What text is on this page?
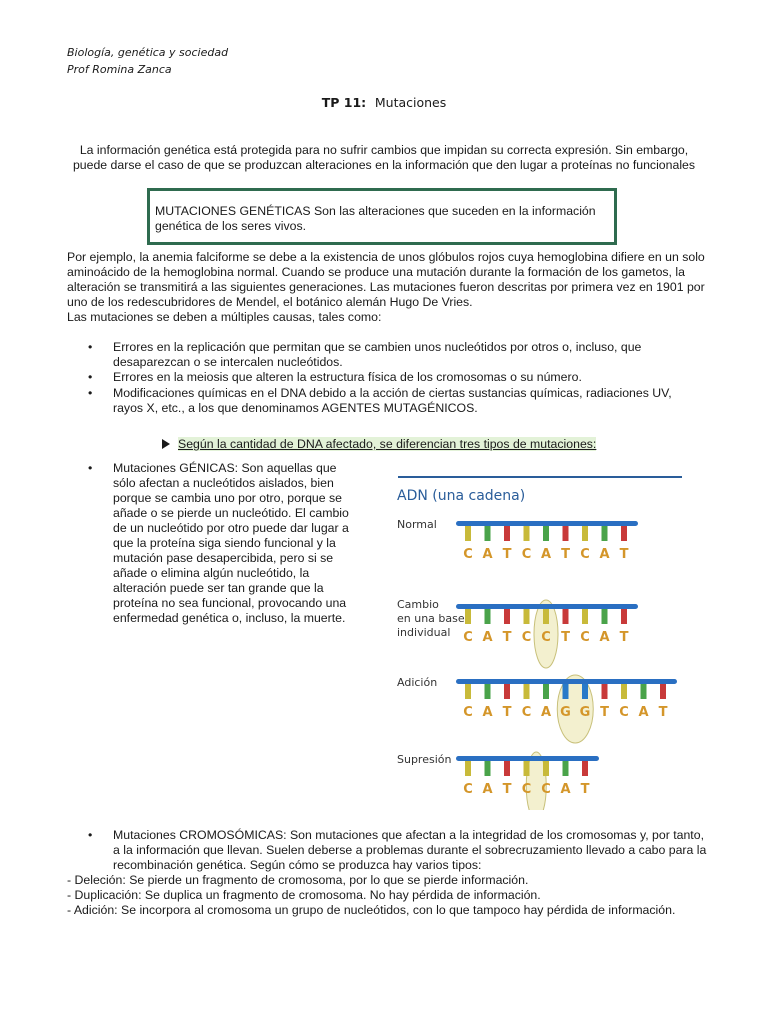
Biología, genética y sociedad
Prof Romina Zanca
TP 11: Mutaciones
La información genética está protegida para no sufrir cambios que impidan su correcta expresión. Sin embargo, puede darse el caso de que se produzcan alteraciones en la información que den lugar a proteínas no funcionales
MUTACIONES GENÉTICAS Son las alteraciones que suceden en la información genética de los seres vivos.
Por ejemplo, la anemia falciforme se debe a la existencia de unos glóbulos rojos cuya hemoglobina difiere en un solo aminoácido de la hemoglobina normal. Cuando se produce una mutación durante la formación de los gametos, la alteración se transmitirá a las siguientes generaciones. Las mutaciones fueron descritas por primera vez en 1901 por uno de los redescubridores de Mendel, el botánico alemán Hugo De Vries.
Las mutaciones se deben a múltiples causas, tales como:
• Errores en la replicación que permitan que se cambien unos nucleótidos por otros o, incluso, que desaparezcan o se intercalen nucleótidos.
• Errores en la meiosis que alteren la estructura física de los cromosomas o su número.
• Modificaciones químicas en el DNA debido a la acción de ciertas sustancias químicas, radiaciones UV, rayos X, etc., a los que denominamos AGENTES MUTAGÉNICOS.
Según la cantidad de DNA afectado, se diferencian tres tipos de mutaciones:
• Mutaciones GÉNICAS: Son aquellas que sólo afectan a nucleótidos aislados, bien porque se cambia uno por otro, porque se añade o se pierde un nucleótido. El cambio de un nucleótido por otro puede dar lugar a que la proteína siga siendo funcional y la mutación pase desapercibida, pero si se añade o elimina algún nucleótido, la alteración puede ser tan grande que la proteína no sea funcional, provocando una enfermedad genética o, incluso, la muerte.
ADN (una cadena)
C A T C A T C A T
Normal
C A T C C T C A T
Cambio
en una base
individual
C A T C A G G T C A T
Adición
C A T C C A T
Supresión
• Mutaciones CROMOSÓMICAS: Son mutaciones que afectan a la integridad de los cromosomas y, por tanto, a la información que llevan. Suelen deberse a problemas durante el sobrecruzamiento llevado a cabo para la recombinación genética. Según cómo se produzca hay varios tipos:
- Deleción: Se pierde un fragmento de cromosoma, por lo que se pierde información.
- Duplicación: Se duplica un fragmento de cromosoma. No hay pérdida de información.
- Adición: Se incorpora al cromosoma un grupo de nucleótidos, con lo que tampoco hay pérdida de información.
